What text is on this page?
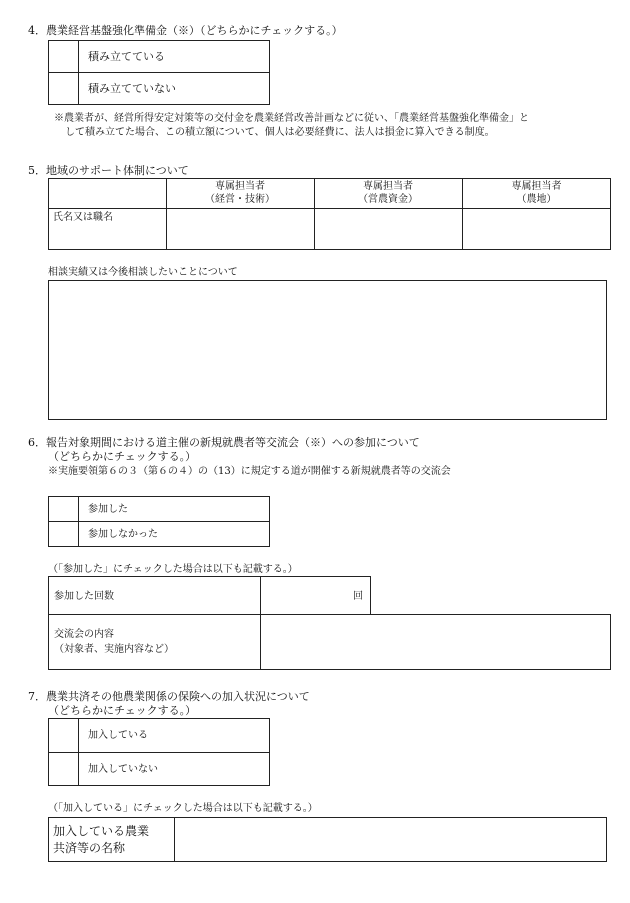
4．農業経営基盤強化準備金（※）（どちらかにチェックする。）
積み立てている
積み立てていない
※農業者が、経営所得安定対策等の交付金を農業経営改善計画などに従い、「農業経営基盤強化準備金」と
して積み立てた場合、この積立額について、個人は必要経費に、法人は損金に算入できる制度。
5．地域のサポート体制について
専属担当者
（経営・技術）
専属担当者
（営農資金）
専属担当者
（農地）
氏名又は職名
相談実績又は今後相談したいことについて
6．報告対象期間における道主催の新規就農者等交流会（※）への参加について
（どちらかにチェックする。）
※実施要領第６の３（第６の４）の（13）に規定する道が開催する新規就農者等の交流会
参加した
参加しなかった
（「参加した」にチェックした場合は以下も記載する。）
参加した回数	回
交流会の内容
（対象者、実施内容など）
7．農業共済その他農業関係の保険への加入状況について
（どちらかにチェックする。）
加入している
加入していない
（「加入している」にチェックした場合は以下も記載する。）
加入している農業
共済等の名称
